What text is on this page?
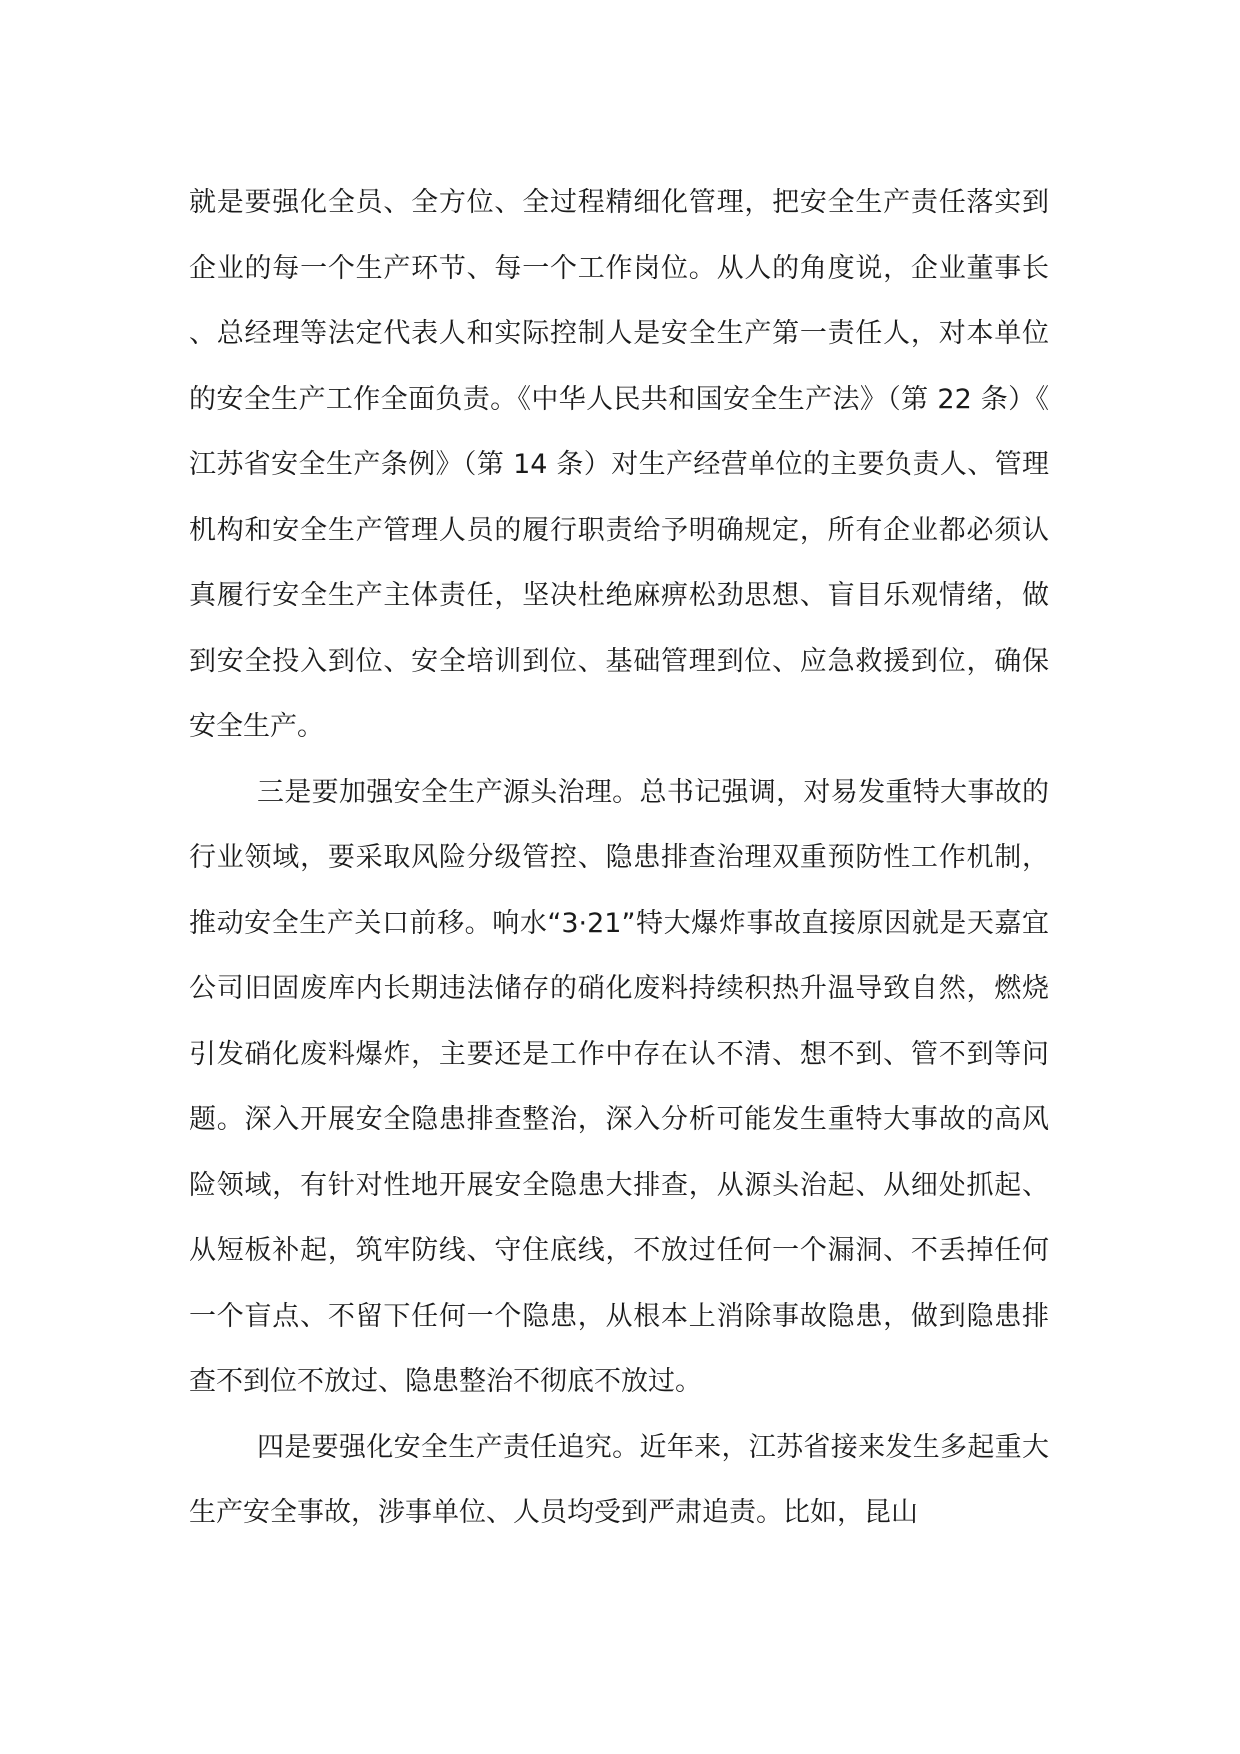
就是要强化全员、全方位、全过程精细化管理，把安全生产责任落实到企业的每一个生产环节、每一个工作岗位。从人的角度说，企业董事长、总经理等法定代表人和实际控制人是安全生产第一责任人，对本单位的安全生产工作全面负责。《中华人民共和国安全生产法》（第 22 条）《江苏省安全生产条例》（第 14 条）对生产经营单位的主要负责人、管理机构和安全生产管理人员的履行职责给予明确规定，所有企业都必须认真履行安全生产主体责任，坚决杜绝麻痹松劲思想、盲目乐观情绪，做到安全投入到位、安全培训到位、基础管理到位、应急救援到位，确保安全生产。

三是要加强安全生产源头治理。总书记强调，对易发重特大事故的行业领域，要采取风险分级管控、隐患排查治理双重预防性工作机制，推动安全生产关口前移。响水“3·21”特大爆炸事故直接原因就是天嘉宜公司旧固废库内长期违法储存的硝化废料持续积热升温导致自然，燃烧引发硝化废料爆炸，主要还是工作中存在认不清、想不到、管不到等问题。深入开展安全隐患排查整治，深入分析可能发生重特大事故的高风险领域，有针对性地开展安全隐患大排查，从源头治起、从细处抓起、从短板补起，筑牢防线、守住底线，不放过任何一个漏洞、不丢掉任何一个盲点、不留下任何一个隐患，从根本上消除事故隐患，做到隐患排查不到位不放过、隐患整治不彻底不放过。

四是要强化安全生产责任追究。近年来，江苏省接来发生多起重大生产安全事故，涉事单位、人员均受到严肃追责。比如，昆山
